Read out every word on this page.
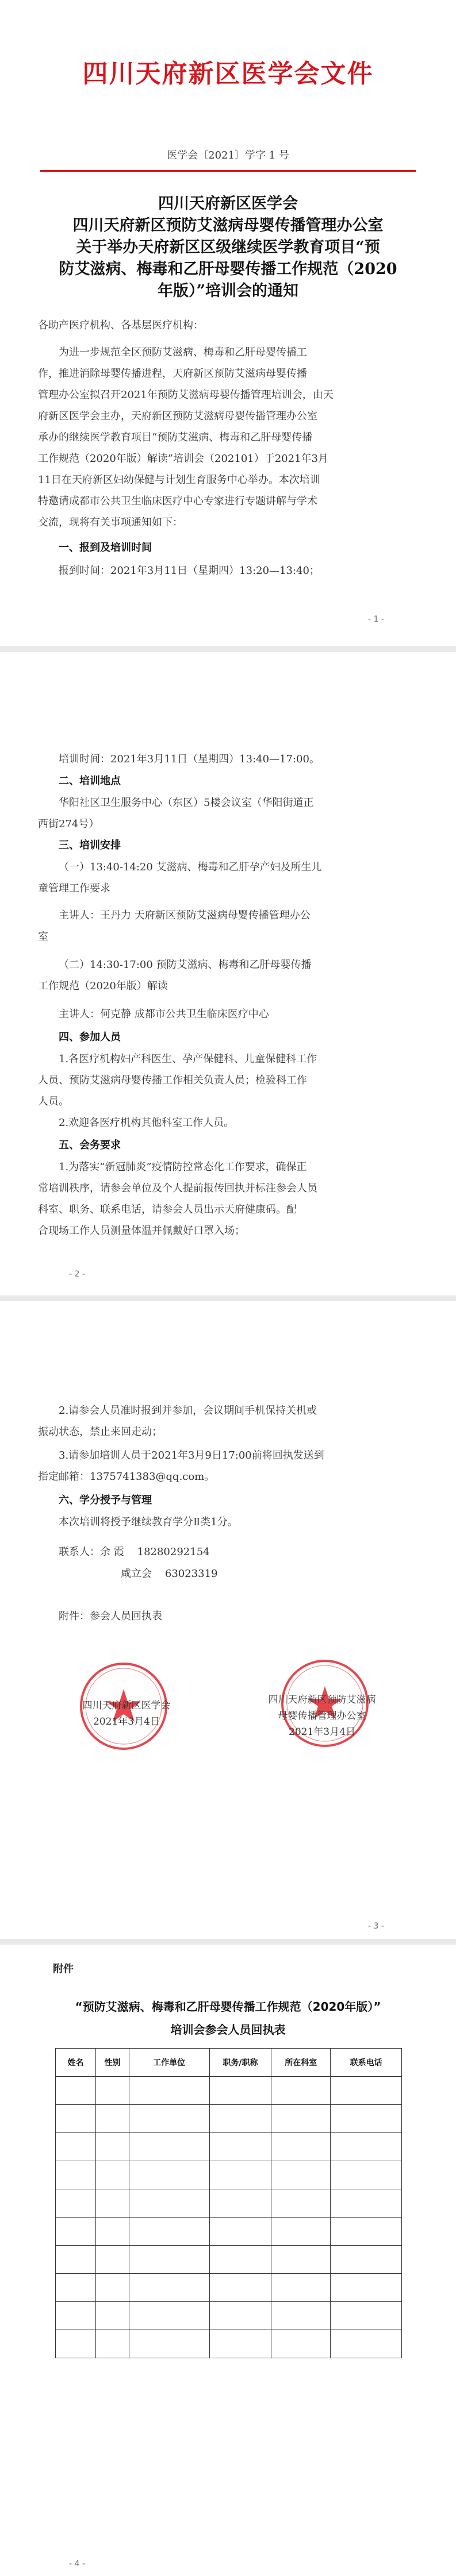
四川天府新区医学会文件
医学会〔2021〕学字 1 号
四川天府新区医学会
四川天府新区预防艾滋病母婴传播管理办公室
关于举办天府新区区级继续医学教育项目“预
防艾滋病、梅毒和乙肝母婴传播工作规范（2020
年版）”培训会的通知
各助产医疗机构、各基层医疗机构：
为进一步规范全区预防艾滋病、梅毒和乙肝母婴传播工
作，推进消除母婴传播进程，天府新区预防艾滋病母婴传播
管理办公室拟召开2021年预防艾滋病母婴传播管理培训会，由天
府新区医学会主办，天府新区预防艾滋病母婴传播管理办公室
承办的继续医学教育项目“预防艾滋病、梅毒和乙肝母婴传播
工作规范（2020年版）解读”培训会（202101）于2021年3月
11日在天府新区妇幼保健与计划生育服务中心举办。本次培训
特邀请成都市公共卫生临床医疗中心专家进行专题讲解与学术
交流，现将有关事项通知如下：
一、报到及培训时间
报到时间：2021年3月11日（星期四）13:20—13:40；
- 1 -
培训时间：2021年3月11日（星期四）13:40—17:00。
二、培训地点
华阳社区卫生服务中心（东区）5楼会议室（华阳街道正
西街274号）
三、培训安排
（一）13:40-14:20 艾滋病、梅毒和乙肝孕产妇及所生儿
童管理工作要求
主讲人：王丹力 天府新区预防艾滋病母婴传播管理办公
室
（二）14:30-17:00 预防艾滋病、梅毒和乙肝母婴传播
工作规范（2020年版）解读
主讲人：何克静 成都市公共卫生临床医疗中心
四、参加人员
1.各医疗机构妇产科医生、孕产保健科、儿童保健科工作
人员、预防艾滋病母婴传播工作相关负责人员；检验科工作
人员。
2.欢迎各医疗机构其他科室工作人员。
五、会务要求
1.为落实“新冠肺炎”疫情防控常态化工作要求，确保正
常培训秩序，请参会单位及个人提前报传回执并标注参会人员
科室、职务、联系电话，请参会人员出示天府健康码。配
合现场工作人员测量体温并佩戴好口罩入场；
- 2 -
2.请参会人员准时报到并参加，会议期间手机保持关机或
振动状态，禁止来回走动；
3.请参加培训人员于2021年3月9日17:00前将回执发送到
指定邮箱：1375741383@qq.com。
六、学分授予与管理
本次培训将授予继续教育学分Ⅱ类1分。
联系人：余 霞 18280292154
咸立会 63023319
附件：参会人员回执表
四川天府新区医学会
2021年3月4日
四川天府新区预防艾滋病
母婴传播管理办公室
2021年3月4日
- 3 -
附件
“预防艾滋病、梅毒和乙肝母婴传播工作规范（2020年版）”
培训会参会人员回执表
姓名	性别	工作单位	职务/职称	所在科室	联系电话

- 4 -
